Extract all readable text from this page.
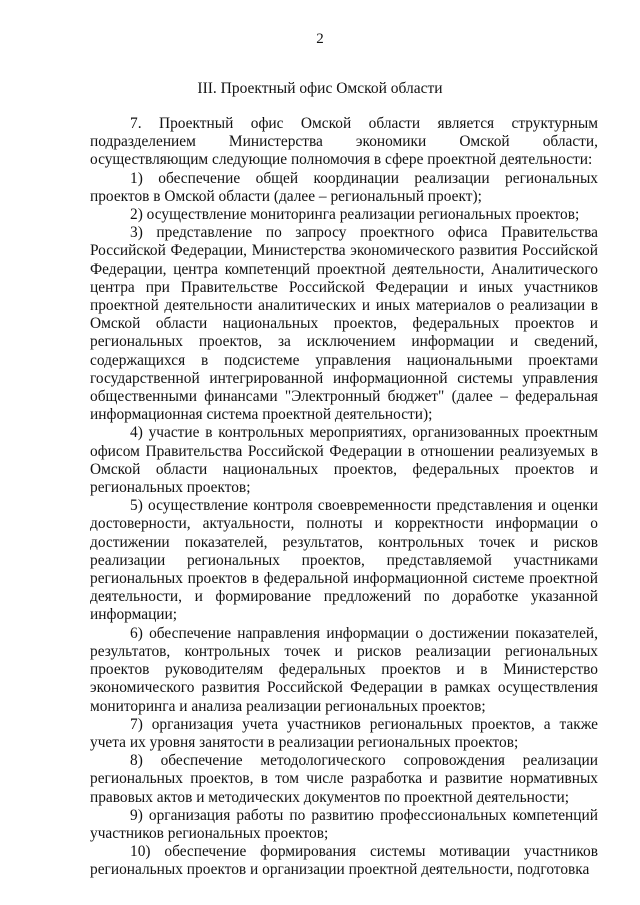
2
III. Проектный офис Омской области

7. Проектный офис Омской области является структурным подразделением Министерства экономики Омской области, осуществляющим следующие полномочия в сфере проектной деятельности:

1) обеспечение общей координации реализации региональных проектов в Омской области (далее – региональный проект);

2) осуществление мониторинга реализации региональных проектов;

3) представление по запросу проектного офиса Правительства Российской Федерации, Министерства экономического развития Российской Федерации, центра компетенций проектной деятельности, Аналитического центра при Правительстве Российской Федерации и иных участников проектной деятельности аналитических и иных материалов о реализации в Омской области национальных проектов, федеральных проектов и региональных проектов, за исключением информации и сведений, содержащихся в подсистеме управления национальными проектами государственной интегрированной информационной системы управления общественными финансами "Электронный бюджет" (далее – федеральная информационная система проектной деятельности);

4) участие в контрольных мероприятиях, организованных проектным офисом Правительства Российской Федерации в отношении реализуемых в Омской области национальных проектов, федеральных проектов и региональных проектов;

5) осуществление контроля своевременности представления и оценки достоверности, актуальности, полноты и корректности информации о достижении показателей, результатов, контрольных точек и рисков реализации региональных проектов, представляемой участниками региональных проектов в федеральной информационной системе проектной деятельности, и формирование предложений по доработке указанной информации;

6) обеспечение направления информации о достижении показателей, результатов, контрольных точек и рисков реализации региональных проектов руководителям федеральных проектов и в Министерство экономического развития Российской Федерации в рамках осуществления мониторинга и анализа реализации региональных проектов;

7) организация учета участников региональных проектов, а также учета их уровня занятости в реализации региональных проектов;

8) обеспечение методологического сопровождения реализации региональных проектов, в том числе разработка и развитие нормативных правовых актов и методических документов по проектной деятельности;

9) организация работы по развитию профессиональных компетенций участников региональных проектов;

10) обеспечение формирования системы мотивации участников региональных проектов и организации проектной деятельности, подготовка
